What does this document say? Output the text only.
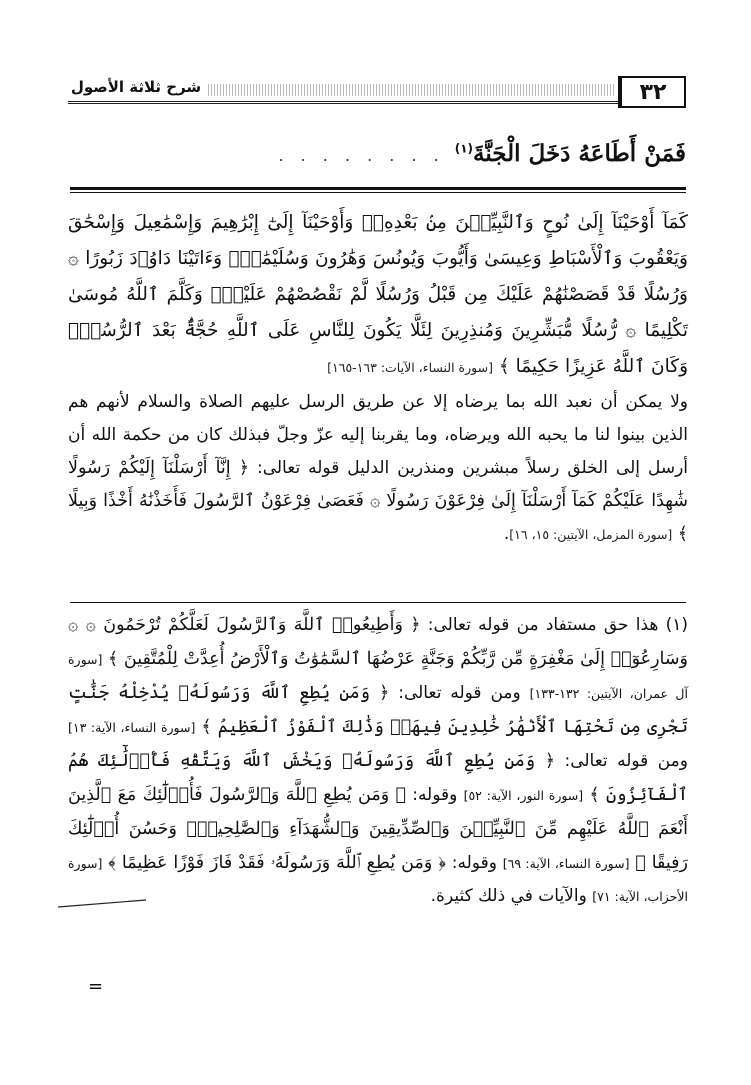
٣٢
شرح ثلاثة الأصول
فَمَنْ أَطَاعَهُ دَخَلَ الْجَنَّةَ$^{(١)}$
. . . . . . . .

كَمَآ أَوْحَيْنَآ إِلَىٰ نُوحٍ وَٱلنَّبِيِّـۧنَ مِنۢ بَعْدِهِۦۚ وَأَوْحَيْنَآ إِلَىٰٓ إِبْرَٰهِيمَ وَإِسْمَٰعِيلَ وَإِسْحَٰقَ وَيَعْقُوبَ وَٱلْأَسْبَاطِ وَعِيسَىٰ وَأَيُّوبَ وَيُونُسَ وَهَٰرُونَ وَسُلَيْمَٰنَۚ وَءَاتَيْنَا دَاوُۥدَ زَبُورًا ۞ وَرُسُلًا قَدْ قَصَصْنَٰهُمْ عَلَيْكَ مِن قَبْلُ وَرُسُلًا لَّمْ نَقْصُصْهُمْ عَلَيْكَۚ وَكَلَّمَ ٱللَّهُ مُوسَىٰ تَكْلِيمًا ۞ رُّسُلًا مُّبَشِّرِينَ وَمُنذِرِينَ لِئَلَّا يَكُونَ لِلنَّاسِ عَلَى ٱللَّهِ حُجَّةٌۢ بَعْدَ ٱلرُّسُلِۚ وَكَانَ ٱللَّهُ عَزِيزًا حَكِيمًا ﴾ [سورة النساء، الآيات: ١٦٣-١٦٥]

ولا يمكن أن نعبد الله بما يرضاه إلا عن طريق الرسل عليهم الصلاة والسلام لأنهم هم الذين بينوا لنا ما يحبه الله ويرضاه، وما يقربنا إليه عزّ وجلّ فبذلك كان من حكمة الله أن أرسل إلى الخلق رسلاً مبشرين ومنذرين الدليل قوله تعالى: ﴿ إِنَّآ أَرْسَلْنَآ إِلَيْكُمْ رَسُولًا شَٰهِدًا عَلَيْكُمْ كَمَآ أَرْسَلْنَآ إِلَىٰ فِرْعَوْنَ رَسُولًا ۞ فَعَصَىٰ فِرْعَوْنُ ٱلرَّسُولَ فَأَخَذْنَٰهُ أَخْذًا وَبِيلًا ﴾ [سورة المزمل، الآيتين: ١٥، ١٦].

(١) هذا حق مستفاد من قوله تعالى: ﴿ وَأَطِيعُوا۟ ٱللَّهَ وَٱلرَّسُولَ لَعَلَّكُمْ تُرْحَمُونَ ۞ ۞ وَسَارِعُوٓا۟ إِلَىٰ مَغْفِرَةٍ مِّن رَّبِّكُمْ وَجَنَّةٍ عَرْضُهَا ٱلسَّمَٰوَٰتُ وَٱلْأَرْضُ أُعِدَّتْ لِلْمُتَّقِينَ ﴾ [سورة آل عمران، الآيتين: ١٣٢-١٣٣] ومن قوله تعالى: ﴿ وَمَن يُطِعِ ٱللَّهَ وَرَسُولَهُۥ يُدْخِلْهُ جَنَّٰتٍ تَجْرِى مِن تَحْتِهَا ٱلْأَنْهَٰرُ خَٰلِدِينَ فِيهَاۚ وَذَٰلِكَ ٱلْفَوْزُ ٱلْعَظِيمُ ﴾ [سورة النساء، الآية: ١٣] ومن قوله تعالى: ﴿ وَمَن يُطِعِ ٱللَّهَ وَرَسُولَهُۥ وَيَخْشَ ٱللَّهَ وَيَتَّقْهِ فَأُو۟لَٰٓئِكَ هُمُ ٱلْفَآئِزُونَ ﴾ [سورة النور، الآية: ٥٢] وقوله: ﴿ وَمَن يُطِعِ ٱللَّهَ وَٱلرَّسُولَ فَأُو۟لَٰٓئِكَ مَعَ ٱلَّذِينَ أَنْعَمَ ٱللَّهُ عَلَيْهِم مِّنَ ٱلنَّبِيِّـۧنَ وَٱلصِّدِّيقِينَ وَٱلشُّهَدَآءِ وَٱلصَّٰلِحِينَۚ وَحَسُنَ أُو۟لَٰٓئِكَ رَفِيقًا ﴾ [سورة النساء، الآية: ٦٩] وقوله: ﴿ وَمَن يُطِعِ ٱللَّهَ وَرَسُولَهُۥ فَقَدْ فَازَ فَوْزًا عَظِيمًا ﴾ [سورة الأحزاب، الآية: ٧١] والآيات في ذلك كثيرة.

=
